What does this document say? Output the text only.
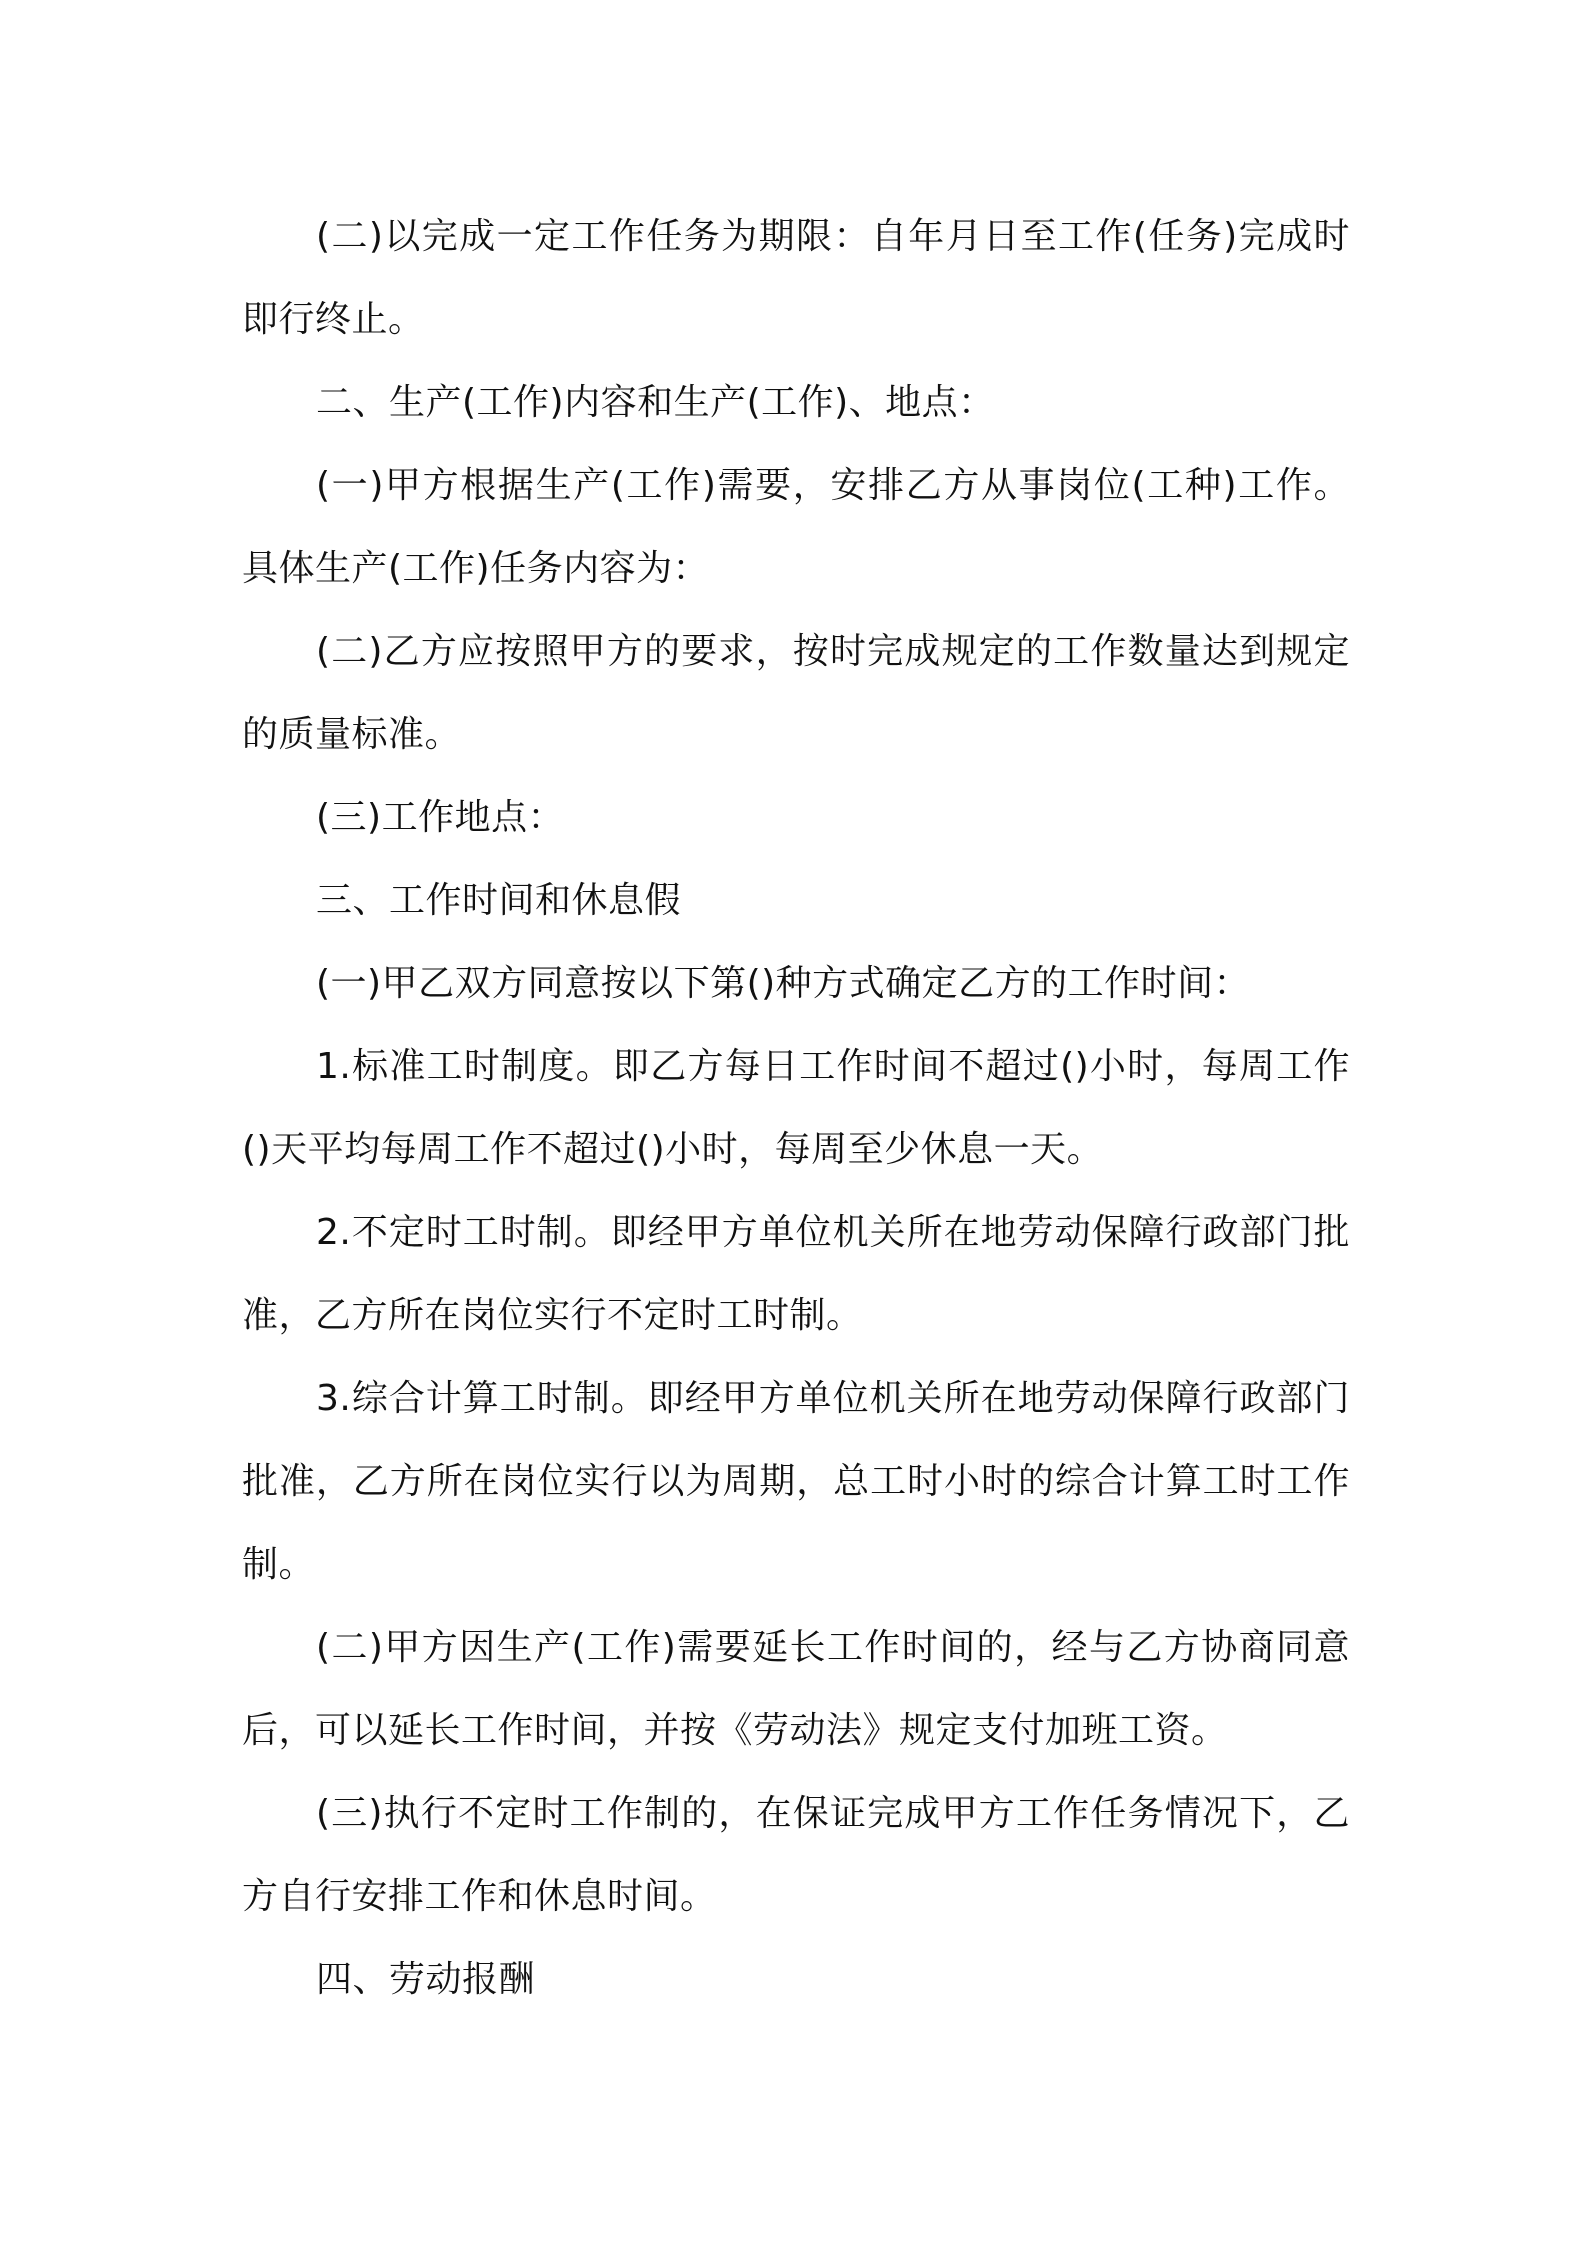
(二)以完成一定工作任务为期限：自年月日至工作(任务)完成时即行终止。

二、生产(工作)内容和生产(工作)、地点：

(一)甲方根据生产(工作)需要，安排乙方从事岗位(工种)工作。具体生产(工作)任务内容为：

(二)乙方应按照甲方的要求，按时完成规定的工作数量达到规定的质量标准。

(三)工作地点：

三、工作时间和休息假

(一)甲乙双方同意按以下第()种方式确定乙方的工作时间：

1.标准工时制度。即乙方每日工作时间不超过()小时，每周工作()天平均每周工作不超过()小时，每周至少休息一天。

2.不定时工时制。即经甲方单位机关所在地劳动保障行政部门批准，乙方所在岗位实行不定时工时制。

3.综合计算工时制。即经甲方单位机关所在地劳动保障行政部门批准，乙方所在岗位实行以为周期，总工时小时的综合计算工时工作制。

(二)甲方因生产(工作)需要延长工作时间的，经与乙方协商同意后，可以延长工作时间，并按《劳动法》规定支付加班工资。

(三)执行不定时工作制的，在保证完成甲方工作任务情况下，乙方自行安排工作和休息时间。

四、劳动报酬
